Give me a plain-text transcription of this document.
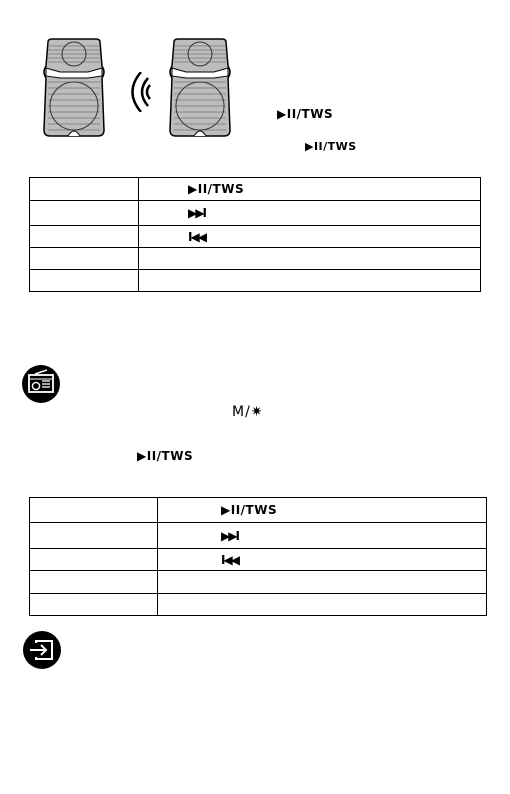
▶II/TWS
▶II/TWS

	▶II/TWS

	▶▶I

	I◀◀

M/✷
▶II/TWS

	▶II/TWS

	▶▶I

	I◀◀
